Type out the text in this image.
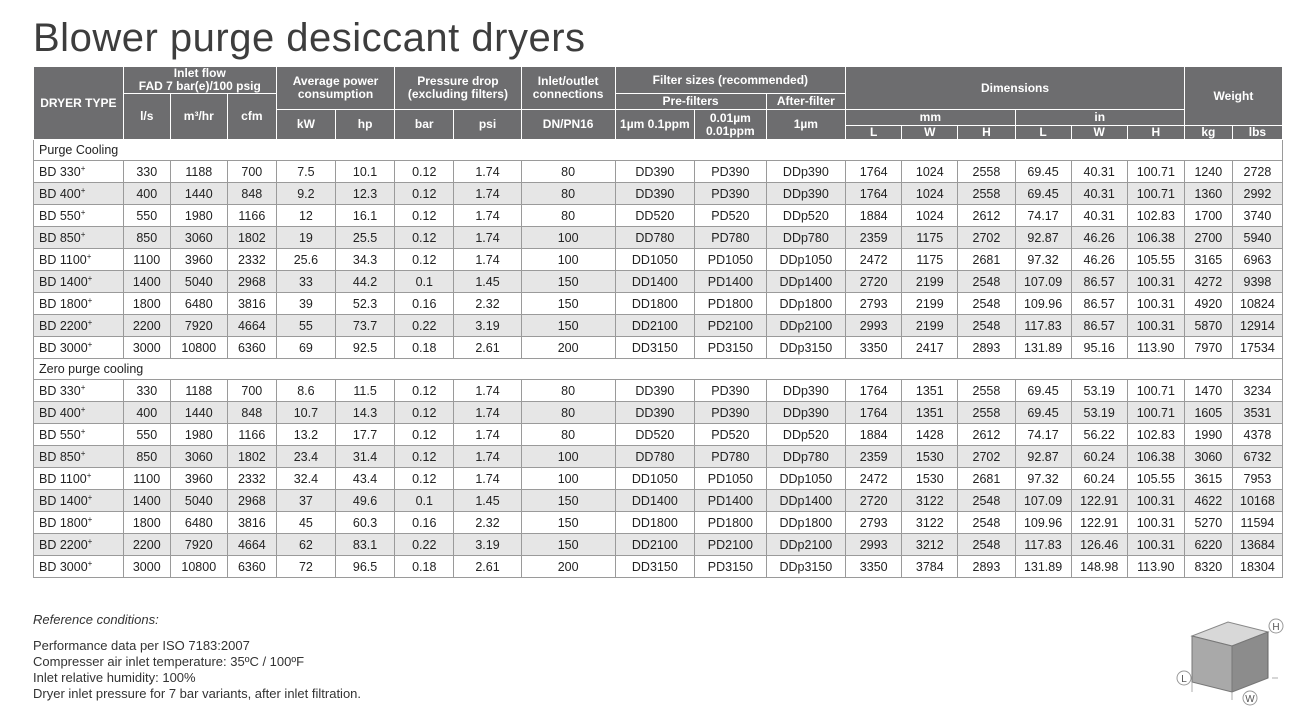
Blower purge desiccant dryers
DRYER TYPE	Inlet flow
FAD 7 bar(e)/100 psig			Average power consumption		Pressure drop (excluding filters)		Inlet/outlet connections	Filter sizes (recommended)			Dimensions						Weight	
	l/s	m³/hr	cfm						Pre-filters		After-filter								
				kW	hp	bar	psi	DN/PN16	1µm 0.1ppm	0.01µm 0.01ppm	1µm	mm			in				
												L	W	H	L	W	H	kg	lbs
Purge Cooling																			
BD 330+	330	1188	700	7.5	10.1	0.12	1.74	80	DD390	PD390	DDp390	1764	1024	2558	69.45	40.31	100.71	1240	2728
BD 400+	400	1440	848	9.2	12.3	0.12	1.74	80	DD390	PD390	DDp390	1764	1024	2558	69.45	40.31	100.71	1360	2992
BD 550+	550	1980	1166	12	16.1	0.12	1.74	80	DD520	PD520	DDp520	1884	1024	2612	74.17	40.31	102.83	1700	3740
BD 850+	850	3060	1802	19	25.5	0.12	1.74	100	DD780	PD780	DDp780	2359	1175	2702	92.87	46.26	106.38	2700	5940
BD 1100+	1100	3960	2332	25.6	34.3	0.12	1.74	100	DD1050	PD1050	DDp1050	2472	1175	2681	97.32	46.26	105.55	3165	6963
BD 1400+	1400	5040	2968	33	44.2	0.1	1.45	150	DD1400	PD1400	DDp1400	2720	2199	2548	107.09	86.57	100.31	4272	9398
BD 1800+	1800	6480	3816	39	52.3	0.16	2.32	150	DD1800	PD1800	DDp1800	2793	2199	2548	109.96	86.57	100.31	4920	10824
BD 2200+	2200	7920	4664	55	73.7	0.22	3.19	150	DD2100	PD2100	DDp2100	2993	2199	2548	117.83	86.57	100.31	5870	12914
BD 3000+	3000	10800	6360	69	92.5	0.18	2.61	200	DD3150	PD3150	DDp3150	3350	2417	2893	131.89	95.16	113.90	7970	17534
Zero purge cooling																			
BD 330+	330	1188	700	8.6	11.5	0.12	1.74	80	DD390	PD390	DDp390	1764	1351	2558	69.45	53.19	100.71	1470	3234
BD 400+	400	1440	848	10.7	14.3	0.12	1.74	80	DD390	PD390	DDp390	1764	1351	2558	69.45	53.19	100.71	1605	3531
BD 550+	550	1980	1166	13.2	17.7	0.12	1.74	80	DD520	PD520	DDp520	1884	1428	2612	74.17	56.22	102.83	1990	4378
BD 850+	850	3060	1802	23.4	31.4	0.12	1.74	100	DD780	PD780	DDp780	2359	1530	2702	92.87	60.24	106.38	3060	6732
BD 1100+	1100	3960	2332	32.4	43.4	0.12	1.74	100	DD1050	PD1050	DDp1050	2472	1530	2681	97.32	60.24	105.55	3615	7953
BD 1400+	1400	5040	2968	37	49.6	0.1	1.45	150	DD1400	PD1400	DDp1400	2720	3122	2548	107.09	122.91	100.31	4622	10168
BD 1800+	1800	6480	3816	45	60.3	0.16	2.32	150	DD1800	PD1800	DDp1800	2793	3122	2548	109.96	122.91	100.31	5270	11594
BD 2200+	2200	7920	4664	62	83.1	0.22	3.19	150	DD2100	PD2100	DDp2100	2993	3212	2548	117.83	126.46	100.31	6220	13684
BD 3000+	3000	10800	6360	72	96.5	0.18	2.61	200	DD3150	PD3150	DDp3150	3350	3784	2893	131.89	148.98	113.90	8320	18304
Reference conditions:
Performance data per ISO 7183:2007
Compresser air inlet temperature: 35ºC / 100ºF
Inlet relative humidity: 100%
Dryer inlet pressure for 7 bar variants, after inlet filtration.
H
L
W
